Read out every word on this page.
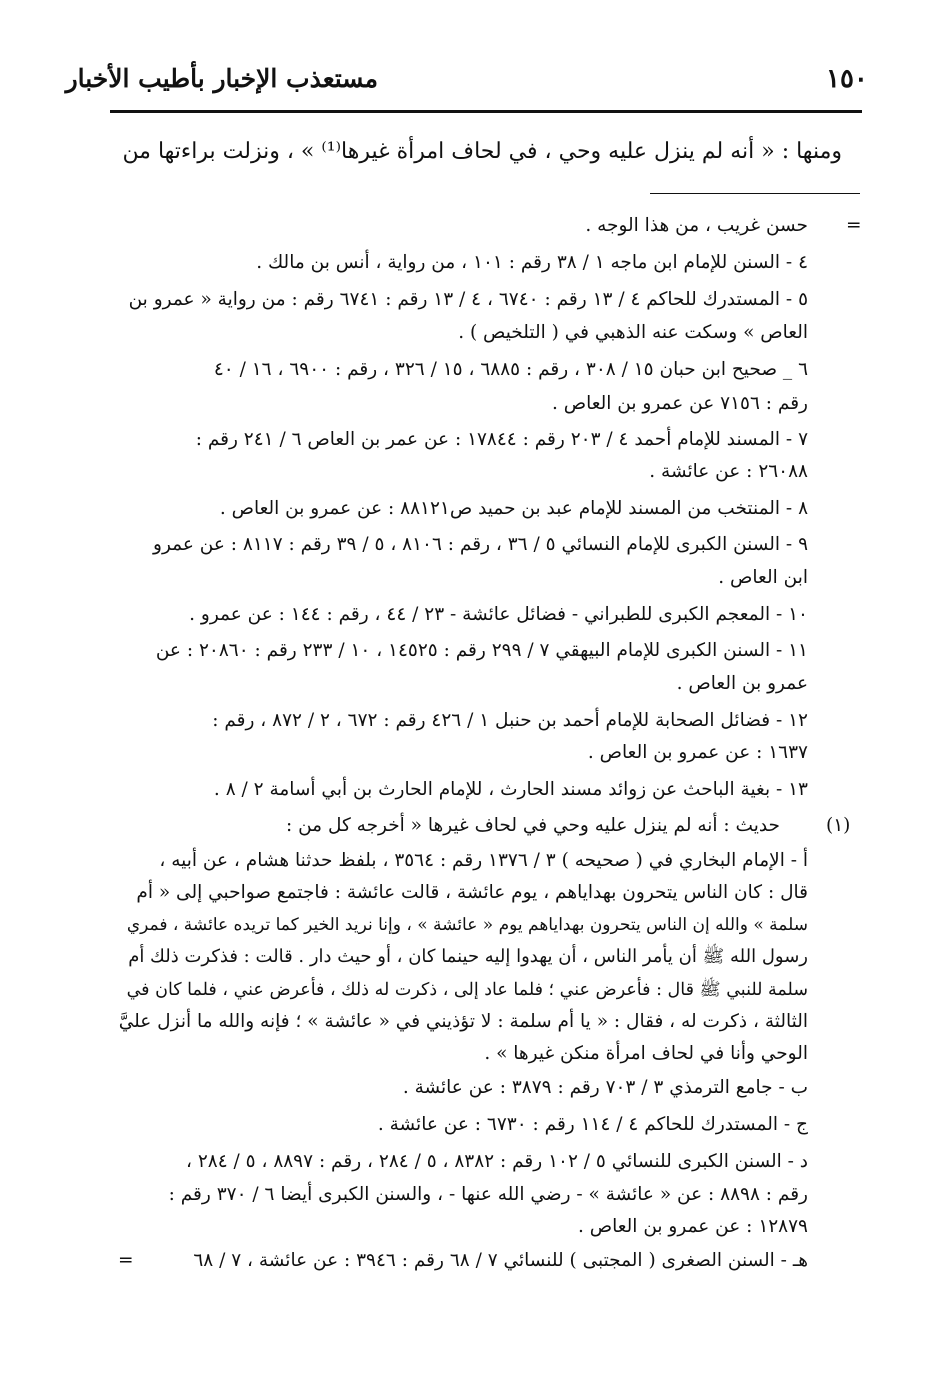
١٥٠
مستعذب الإخبار بأطيب الأخبار
ومنها : « أنه لم ينزل عليه وحي ، في لحاف امرأة غيرها⁽¹⁾ » ، ونزلت براءتها من
=
(١)
=
حسن غريب ، من هذا الوجه .
٤ - السنن للإمام ابن ماجه ١ / ٣٨ رقم : ١٠١ ، من رواية ، أنس بن مالك .
٥ - المستدرك للحاكم ٤ / ١٣ رقم : ٦٧٤٠ ، ٤ / ١٣ رقم : ٦٧٤١ رقم : من رواية « عمرو بن
العاص » وسكت عنه الذهبي في ( التلخيص ) .
٦ _ صحيح ابن حبان ١٥ / ٣٠٨ ، رقم : ٦٨٨٥ ، ١٥ / ٣٢٦ ، رقم : ٦٩٠٠ ، ١٦ / ٤٠
رقم : ٧١٥٦ عن عمرو بن العاص .
٧ - المسند للإمام أحمد ٤ / ٢٠٣ رقم : ١٧٨٤٤ : عن عمر بن العاص ٦ / ٢٤١ رقم :
٢٦٠٨٨ : عن عائشة .
٨ - المنتخب من المسند للإمام عبد بن حميد ص٨٨١٢١ : عن عمرو بن العاص .
٩ - السنن الكبرى للإمام النسائي ٥ / ٣٦ ، رقم : ٨١٠٦ ، ٥ / ٣٩ رقم : ٨١١٧ : عن عمرو
ابن العاص .
١٠ - المعجم الكبرى للطبراني - فضائل عائشة - ٢٣ / ٤٤ ، رقم : ١٤٤ : عن عمرو .
١١ - السنن الكبرى للإمام البيهقي ٧ / ٢٩٩ رقم : ١٤٥٢٥ ، ١٠ / ٢٣٣ رقم : ٢٠٨٦٠ : عن
عمرو بن العاص .
١٢ - فضائل الصحابة للإمام أحمد بن حنبل ١ / ٤٢٦ رقم : ٦٧٢ ، ٢ / ٨٧٢ ، رقم :
١٦٣٧ : عن عمرو بن العاص .
١٣ - بغية الباحث عن زوائد مسند الحارث ، للإمام الحارث بن أبي أسامة ٢ / ٨ .
حديث : أنه لم ينزل عليه وحي في لحاف غيرها « أخرجه كل من :
أ - الإمام البخاري في ( صحيحه ) ٣ / ١٣٧٦ رقم : ٣٥٦٤ ، بلفظ حدثنا هشام ، عن أبيه ،
قال : كان الناس يتحرون بهداياهم ، يوم عائشة ، قالت عائشة : فاجتمع صواحبي إلى « أم
سلمة » والله إن الناس يتحرون بهداياهم يوم « عائشة » ، وإنا نريد الخير كما تريده عائشة ، فمري
رسول الله ﷺ أن يأمر الناس ، أن يهدوا إليه حينما كان ، أو حيث دار . قالت : فذكرت ذلك أم
سلمة للنبي ﷺ قال : فأعرض عني ؛ فلما عاد إلى ، ذكرت له ذلك ، فأعرض عني ، فلما كان في
الثالثة ، ذكرت له ، فقال : « يا أم سلمة : لا تؤذيني في « عائشة » ؛ فإنه والله ما أنزل عليَّ
الوحي وأنا في لحاف امرأة منكن غيرها » .
ب - جامع الترمذي ٣ / ٧٠٣ رقم : ٣٨٧٩ : عن عائشة .
ج - المستدرك للحاكم ٤ / ١١٤ رقم : ٦٧٣٠ : عن عائشة .
د - السنن الكبرى للنسائي ٥ / ١٠٢ رقم : ٨٣٨٢ ، ٥ / ٢٨٤ ، رقم : ٨٨٩٧ ، ٥ / ٢٨٤ ،
رقم : ٨٨٩٨ : عن « عائشة » - رضي الله عنها - ، والسنن الكبرى أيضا ٦ / ٣٧٠ رقم :
١٢٨٧٩ : عن عمرو بن العاص .
هـ - السنن الصغرى ( المجتبى ) للنسائي ٧ / ٦٨ رقم : ٣٩٤٦ : عن عائشة ، ٧ / ٦٨
